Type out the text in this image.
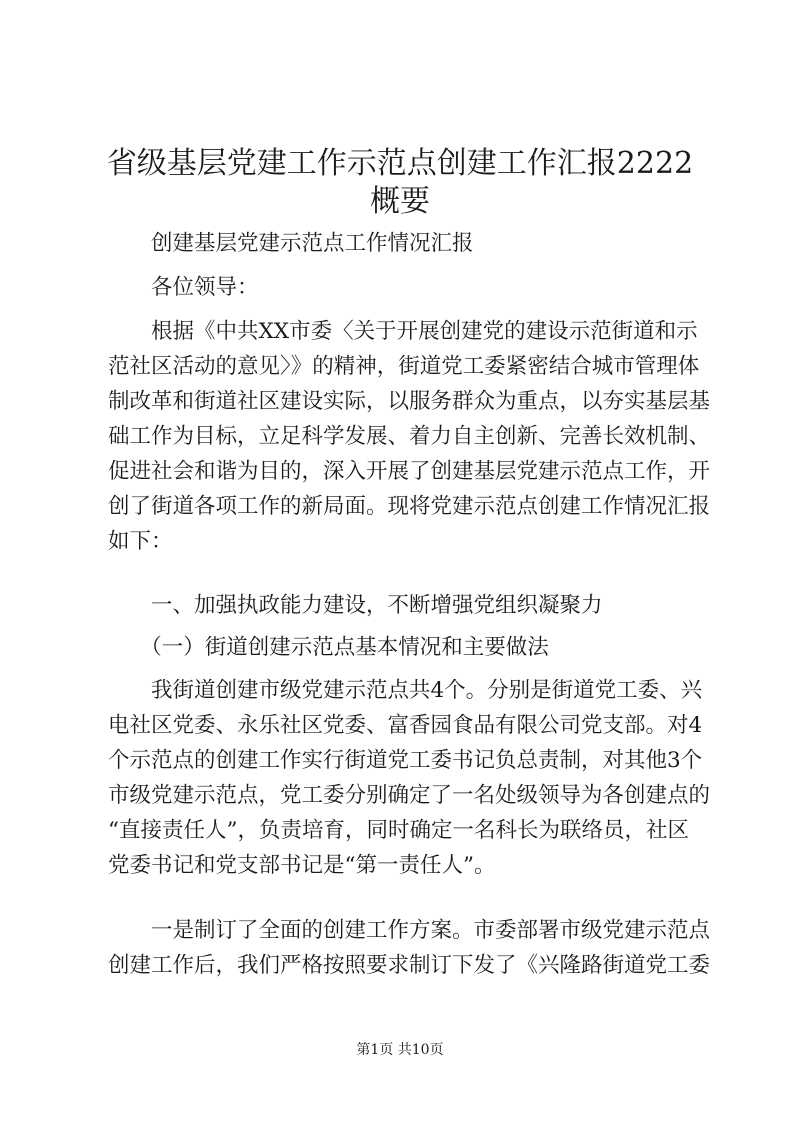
省级基层党建工作示范点创建工作汇报2222
概要
　　创建基层党建示范点工作情况汇报
　　各位领导：
　　根据《中共XX市委〈关于开展创建党的建设示范街道和示
范社区活动的意见〉》的精神，街道党工委紧密结合城市管理体
制改革和街道社区建设实际，以服务群众为重点，以夯实基层基
础工作为目标，立足科学发展、着力自主创新、完善长效机制、
促进社会和谐为目的，深入开展了创建基层党建示范点工作，开
创了街道各项工作的新局面。现将党建示范点创建工作情况汇报
如下：
　　一、加强执政能力建设，不断增强党组织凝聚力
　　（一）街道创建示范点基本情况和主要做法
　　我街道创建市级党建示范点共4个。分别是街道党工委、兴
电社区党委、永乐社区党委、富香园食品有限公司党支部。对4
个示范点的创建工作实行街道党工委书记负总责制，对其他3个
市级党建示范点，党工委分别确定了一名处级领导为各创建点的
“直接责任人”，负责培育，同时确定一名科长为联络员，社区
党委书记和党支部书记是“第一责任人”。
　　一是制订了全面的创建工作方案。市委部署市级党建示范点
创建工作后，我们严格按照要求制订下发了《兴隆路街道党工委
第1页 共10页
